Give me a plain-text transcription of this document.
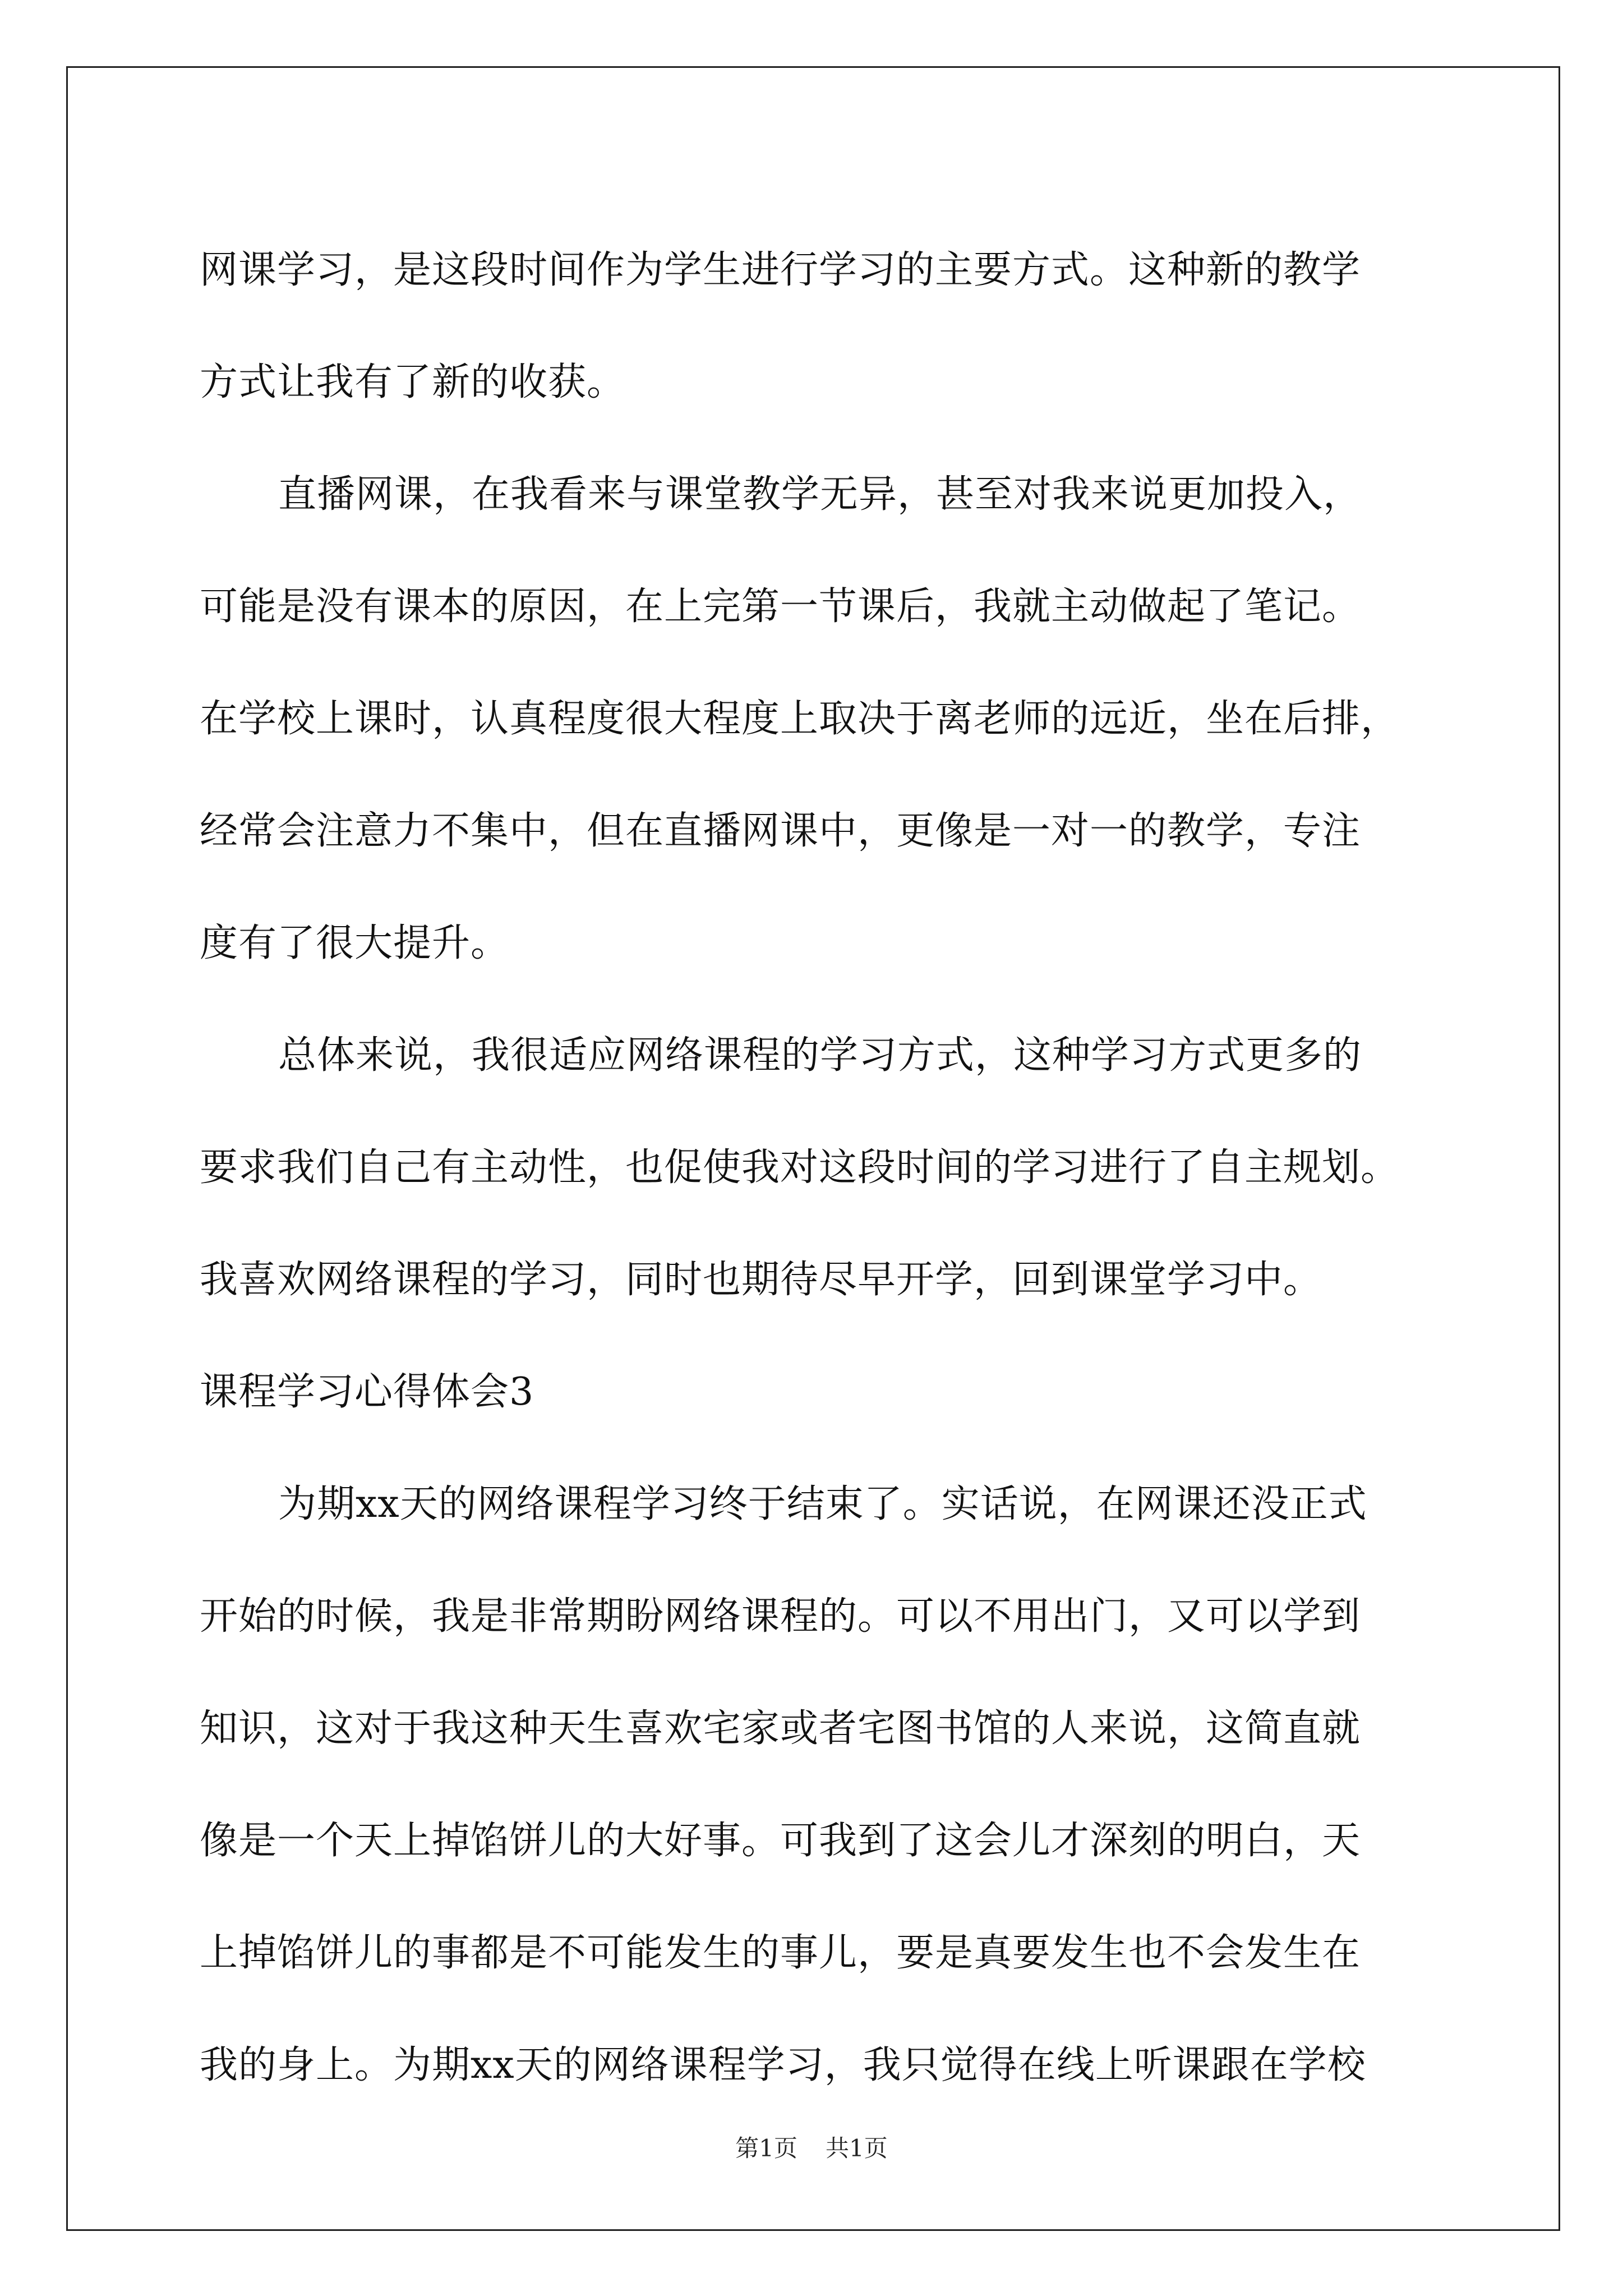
网课学习，是这段时间作为学生进行学习的主要方式。这种新的教学

方式让我有了新的收获。

直播网课，在我看来与课堂教学无异，甚至对我来说更加投入，

可能是没有课本的原因，在上完第一节课后，我就主动做起了笔记。

在学校上课时，认真程度很大程度上取决于离老师的远近，坐在后排，

经常会注意力不集中，但在直播网课中，更像是一对一的教学，专注

度有了很大提升。

总体来说，我很适应网络课程的学习方式，这种学习方式更多的

要求我们自己有主动性，也促使我对这段时间的学习进行了自主规划。

我喜欢网络课程的学习，同时也期待尽早开学，回到课堂学习中。

课程学习心得体会3

为期xx天的网络课程学习终于结束了。实话说，在网课还没正式

开始的时候，我是非常期盼网络课程的。可以不用出门，又可以学到

知识，这对于我这种天生喜欢宅家或者宅图书馆的人来说，这简直就

像是一个天上掉馅饼儿的大好事。可我到了这会儿才深刻的明白，天

上掉馅饼儿的事都是不可能发生的事儿，要是真要发生也不会发生在

我的身上。为期xx天的网络课程学习，我只觉得在线上听课跟在学校

第1页 共1页
